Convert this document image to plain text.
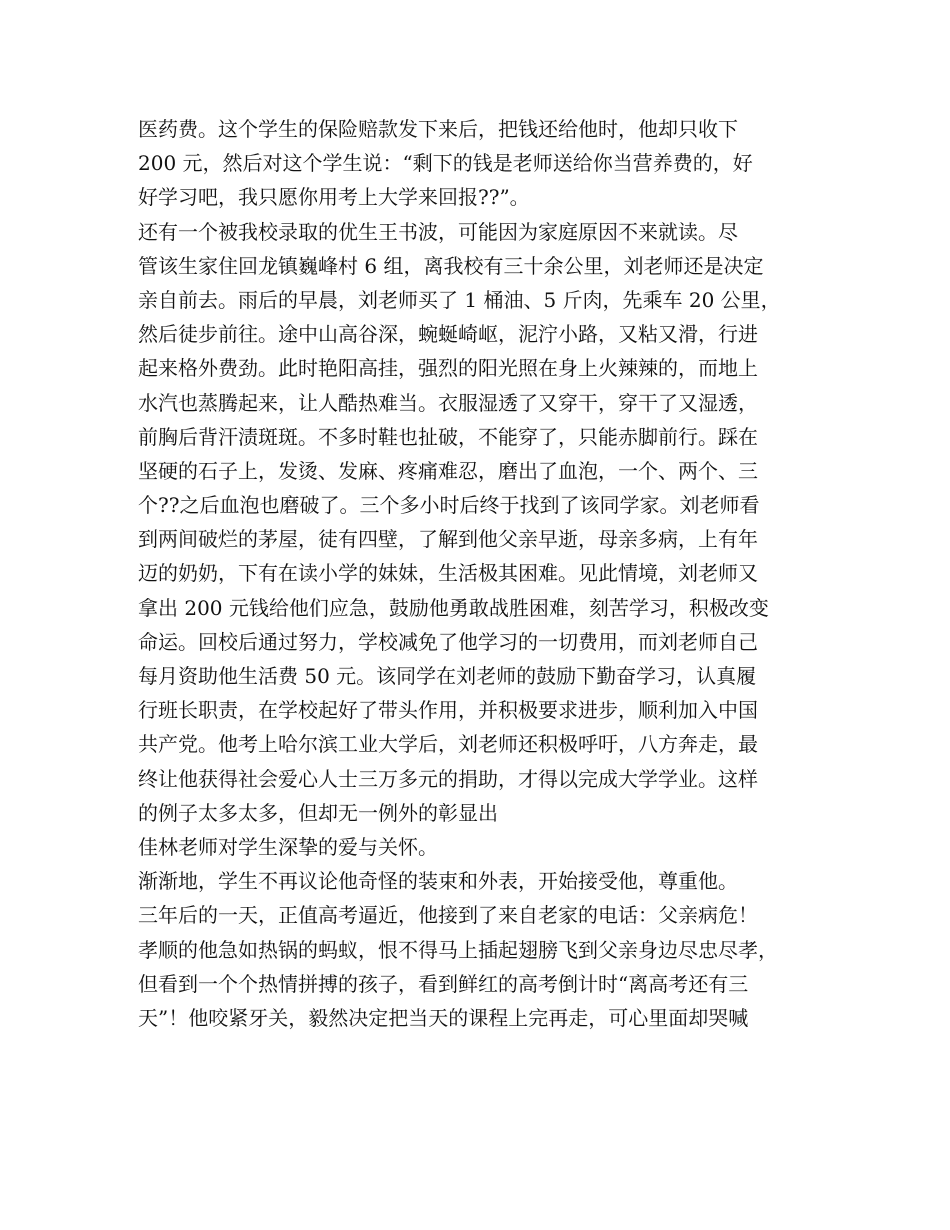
医药费。这个学生的保险赔款发下来后，把钱还给他时，他却只收下
200 元，然后对这个学生说：“剩下的钱是老师送给你当营养费的，好
好学习吧，我只愿你用考上大学来回报??”。
还有一个被我校录取的优生王书波，可能因为家庭原因不来就读。尽
管该生家住回龙镇巍峰村 6 组，离我校有三十余公里，刘老师还是决定
亲自前去。雨后的早晨，刘老师买了 1 桶油、5 斤肉，先乘车 20 公里，
然后徒步前往。途中山高谷深，蜿蜒崎岖，泥泞小路，又粘又滑，行进
起来格外费劲。此时艳阳高挂，强烈的阳光照在身上火辣辣的，而地上
水汽也蒸腾起来，让人酷热难当。衣服湿透了又穿干，穿干了又湿透，
前胸后背汗渍斑斑。不多时鞋也扯破，不能穿了，只能赤脚前行。踩在
坚硬的石子上，发烫、发麻、疼痛难忍，磨出了血泡，一个、两个、三
个??之后血泡也磨破了。三个多小时后终于找到了该同学家。刘老师看
到两间破烂的茅屋，徒有四壁，了解到他父亲早逝，母亲多病，上有年
迈的奶奶，下有在读小学的妹妹，生活极其困难。见此情境，刘老师又
拿出 200 元钱给他们应急，鼓励他勇敢战胜困难，刻苦学习，积极改变
命运。回校后通过努力，学校减免了他学习的一切费用，而刘老师自己
每月资助他生活费 50 元。该同学在刘老师的鼓励下勤奋学习，认真履
行班长职责，在学校起好了带头作用，并积极要求进步，顺利加入中国
共产党。他考上哈尔滨工业大学后，刘老师还积极呼吁，八方奔走，最
终让他获得社会爱心人士三万多元的捐助，才得以完成大学学业。这样
的例子太多太多，但却无一例外的彰显出
佳林老师对学生深挚的爱与关怀。
渐渐地，学生不再议论他奇怪的装束和外表，开始接受他，尊重他。
三年后的一天，正值高考逼近，他接到了来自老家的电话：父亲病危！
孝顺的他急如热锅的蚂蚁，恨不得马上插起翅膀飞到父亲身边尽忠尽孝，
但看到一个个热情拼搏的孩子，看到鲜红的高考倒计时“离高考还有三
天”！他咬紧牙关，毅然决定把当天的课程上完再走，可心里面却哭喊
